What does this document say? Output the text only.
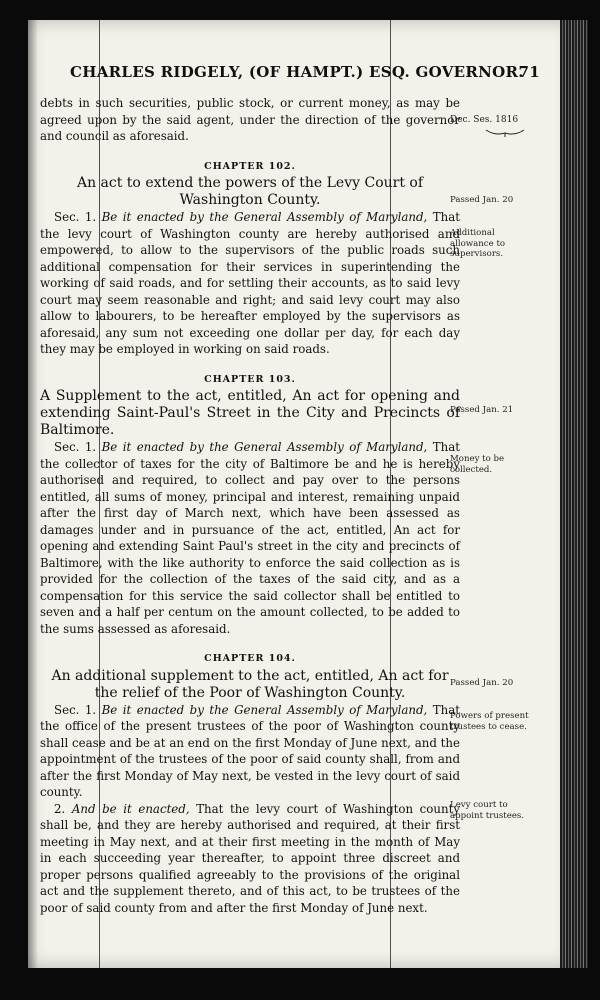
CHARLES RIDGELY, (OF HAMPT.) ESQ. GOVERNOR.
71
Dec. Ses. 1816
Passed Jan. 20
Additional allowance to supervisors.
Passed Jan. 21
Money to be collected.
Passed Jan. 20
Powers of present trustees to cease.
Levy court to appoint trustees.

debts in such securities, public stock, or current money, as may be agreed upon by the said agent, under the direction of the governor and council as aforesaid.

CHAPTER 102.

An act to extend the powers of the Levy Court of Washington County.

Sec. 1. Be it enacted by the General Assembly of Maryland, That the levy court of Washington county are hereby authorised and empowered, to allow to the supervisors of the public roads such additional compensation for their services in superintending the working of said roads, and for settling their accounts, as to said levy court may seem reasonable and right; and said levy court may also allow to labourers, to be hereafter employed by the supervisors as aforesaid, any sum not exceeding one dollar per day, for each day they may be employed in working on said roads.

CHAPTER 103.

A Supplement to the act, entitled, An act for opening and extending Saint-Paul's Street in the City and Precincts of Baltimore.

Sec. 1. Be it enacted by the General Assembly of Maryland, That the collector of taxes for the city of Baltimore be and he is hereby authorised and required, to collect and pay over to the persons entitled, all sums of money, principal and interest, remaining unpaid after the first day of March next, which have been assessed as damages under and in pursuance of the act, entitled, An act for opening and extending Saint Paul's street in the city and precincts of Baltimore, with the like authority to enforce the said collection as is provided for the collection of the taxes of the said city, and as a compensation for this service the said collector shall be entitled to seven and a half per centum on the amount collected, to be added to the sums assessed as aforesaid.

CHAPTER 104.

An additional supplement to the act, entitled, An act for the relief of the Poor of Washington County.

Sec. 1. Be it enacted by the General Assembly of Maryland, That the office of the present trustees of the poor of Washington county shall cease and be at an end on the first Monday of June next, and the appointment of the trustees of the poor of said county shall, from and after the first Monday of May next, be vested in the levy court of said county.

2. And be it enacted, That the levy court of Washington county shall be, and they are hereby authorised and required, at their first meeting in May next, and at their first meeting in the month of May in each succeeding year thereafter, to appoint three discreet and proper persons qualified agreeably to the provisions of the original act and the supplement thereto, and of this act, to be trustees of the poor of said county from and after the first Monday of June next.
